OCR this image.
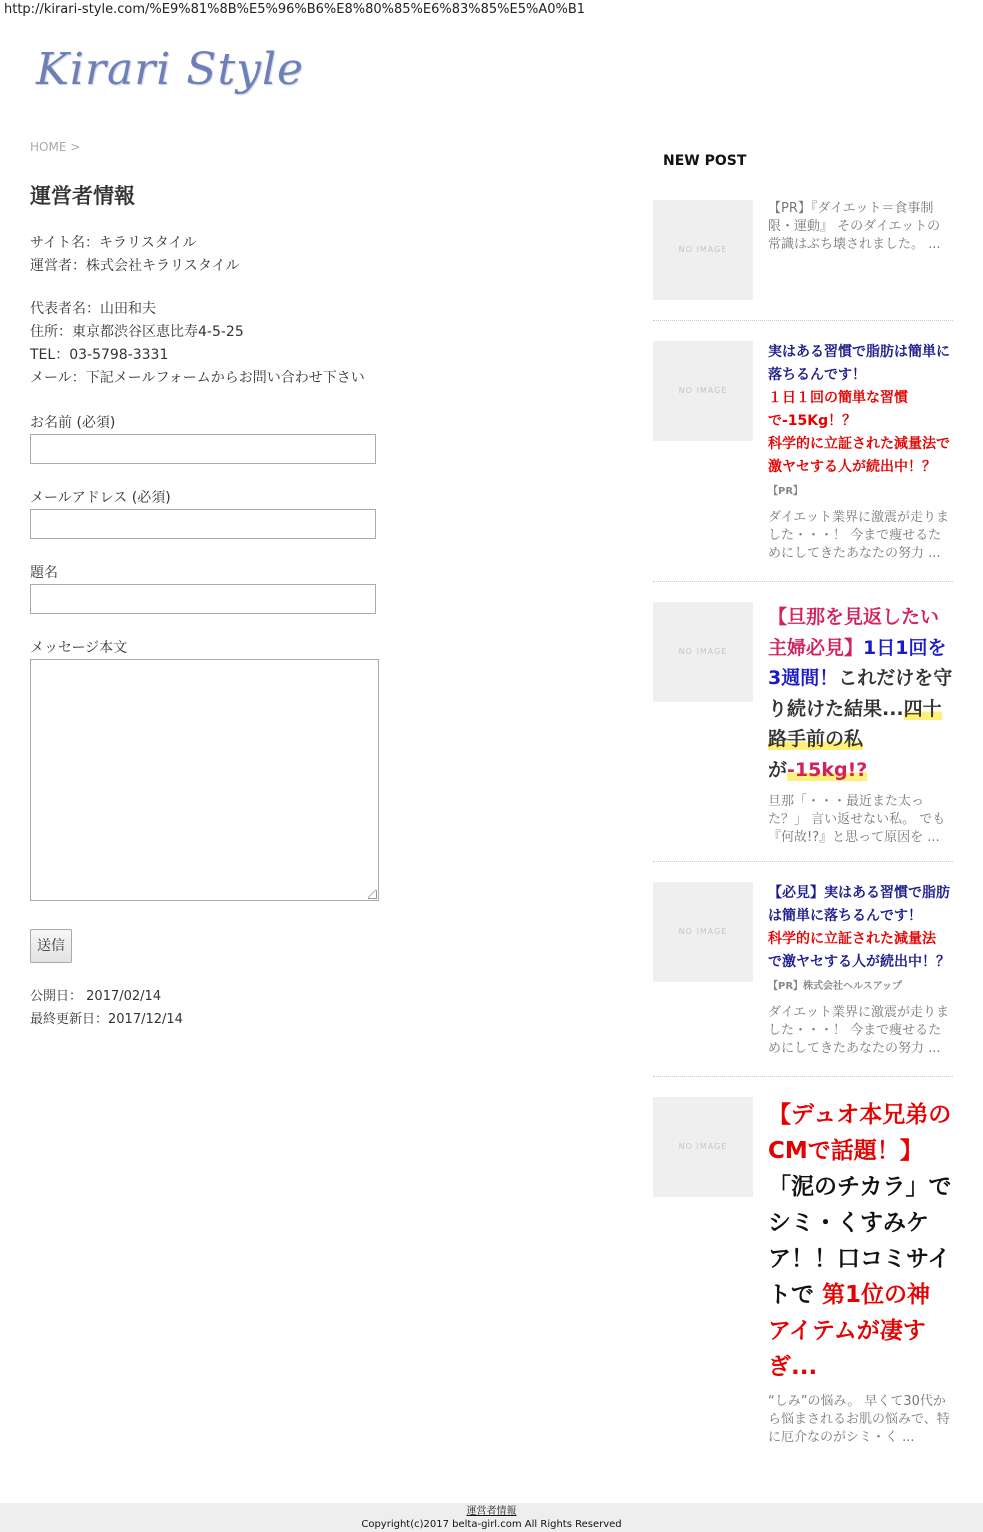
http://kirari-style.com/%E9%81%8B%E5%96%B6%E8%80%85%E6%83%85%E5%A0%B1
Kirari Style
HOME >
運営者情報
サイト名：キラリスタイル
運営者：株式会社キラリスタイル
代表者名：山田和夫
住所：東京都渋谷区恵比寿4-5-25
TEL：03-5798-3331
メール：下記メールフォームからお問い合わせ下さい
お名前 (必須)
メールアドレス (必須)
題名
メッセージ本文
送信
公開日： 2017/02/14
最終更新日：2017/12/14
NEW POST
NO IMAGE
【PR】『ダイエット＝食事制限・運動』 そのダイエットの常識はぶち壊されました。 ...
NO IMAGE
実はある習慣で脂肪は簡単に落ちるんです！
１日１回の簡単な習慣で-15Kg！？
科学的に立証された減量法で激ヤセする人が続出中！？【PR】
ダイエット業界に激震が走りました・・・！ 今まで痩せるためにしてきたあなたの努力 ...
NO IMAGE
【旦那を見返したい主婦必見】1日1回を3週間！これだけを守り続けた結果...四十路手前の私
が-15kg!?
旦那「・・・最近また太った？」 言い返せない私。 でも『何故!?』と思って原因を ...
NO IMAGE
【必見】実はある習慣で脂肪は簡単に落ちるんです！
科学的に立証された減量法
で激ヤセする人が続出中！？【PR】株式会社ヘルスアップ
ダイエット業界に激震が走りました・・・！ 今まで痩せるためにしてきたあなたの努力 ...
NO IMAGE
【デュオ本兄弟のCMで話題！】 「泥のチカラ」でシミ・くすみケア！！口コミサイトで 第1位の神アイテムが凄すぎ...
“しみ”の悩み。 早くて30代から悩まされるお肌の悩みで、特に厄介なのがシミ・く ...
運営者情報
Copyright(c)2017 belta-girl.com All Rights Reserved
